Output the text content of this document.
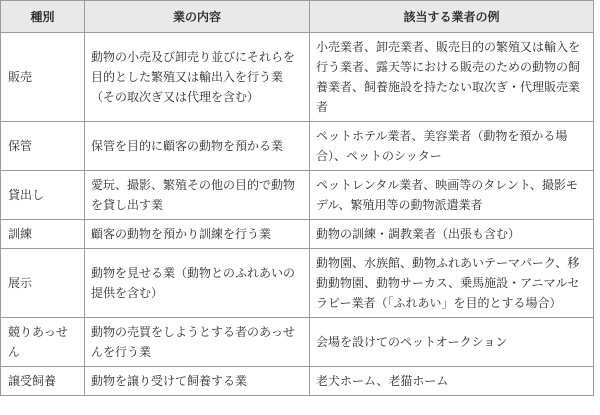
種別	業の内容	該当する業者の例
販売	動物の小売及び卸売り並びにそれらを目的とした繁殖又は輸出入を行う業（その取次ぎ又は代理を含む）	小売業者、卸売業者、販売目的の繁殖又は輸入を行う業者、露天等における販売のための動物の飼養業者、飼養施設を持たない取次ぎ・代理販売業者
保管	保管を目的に顧客の動物を預かる業	ペットホテル業者、美容業者（動物を預かる場合）、ペットのシッター
貸出し	愛玩、撮影、繁殖その他の目的で動物を貸し出す業	ペットレンタル業者、映画等のタレント、撮影モデル、繁殖用等の動物派遣業者
訓練	顧客の動物を預かり訓練を行う業	動物の訓練・調教業者（出張も含む）
展示	動物を見せる業（動物とのふれあいの提供を含む）	動物園、水族館、動物ふれあいテーマパーク、移動動物園、動物サーカス、乗馬施設・アニマルセラピー業者（「ふれあい」を目的とする場合）
競りあっせん	動物の売買をしようとする者のあっせんを行う業	会場を設けてのペットオークション
譲受飼養	動物を譲り受けて飼養する業	老犬ホーム、老猫ホーム
